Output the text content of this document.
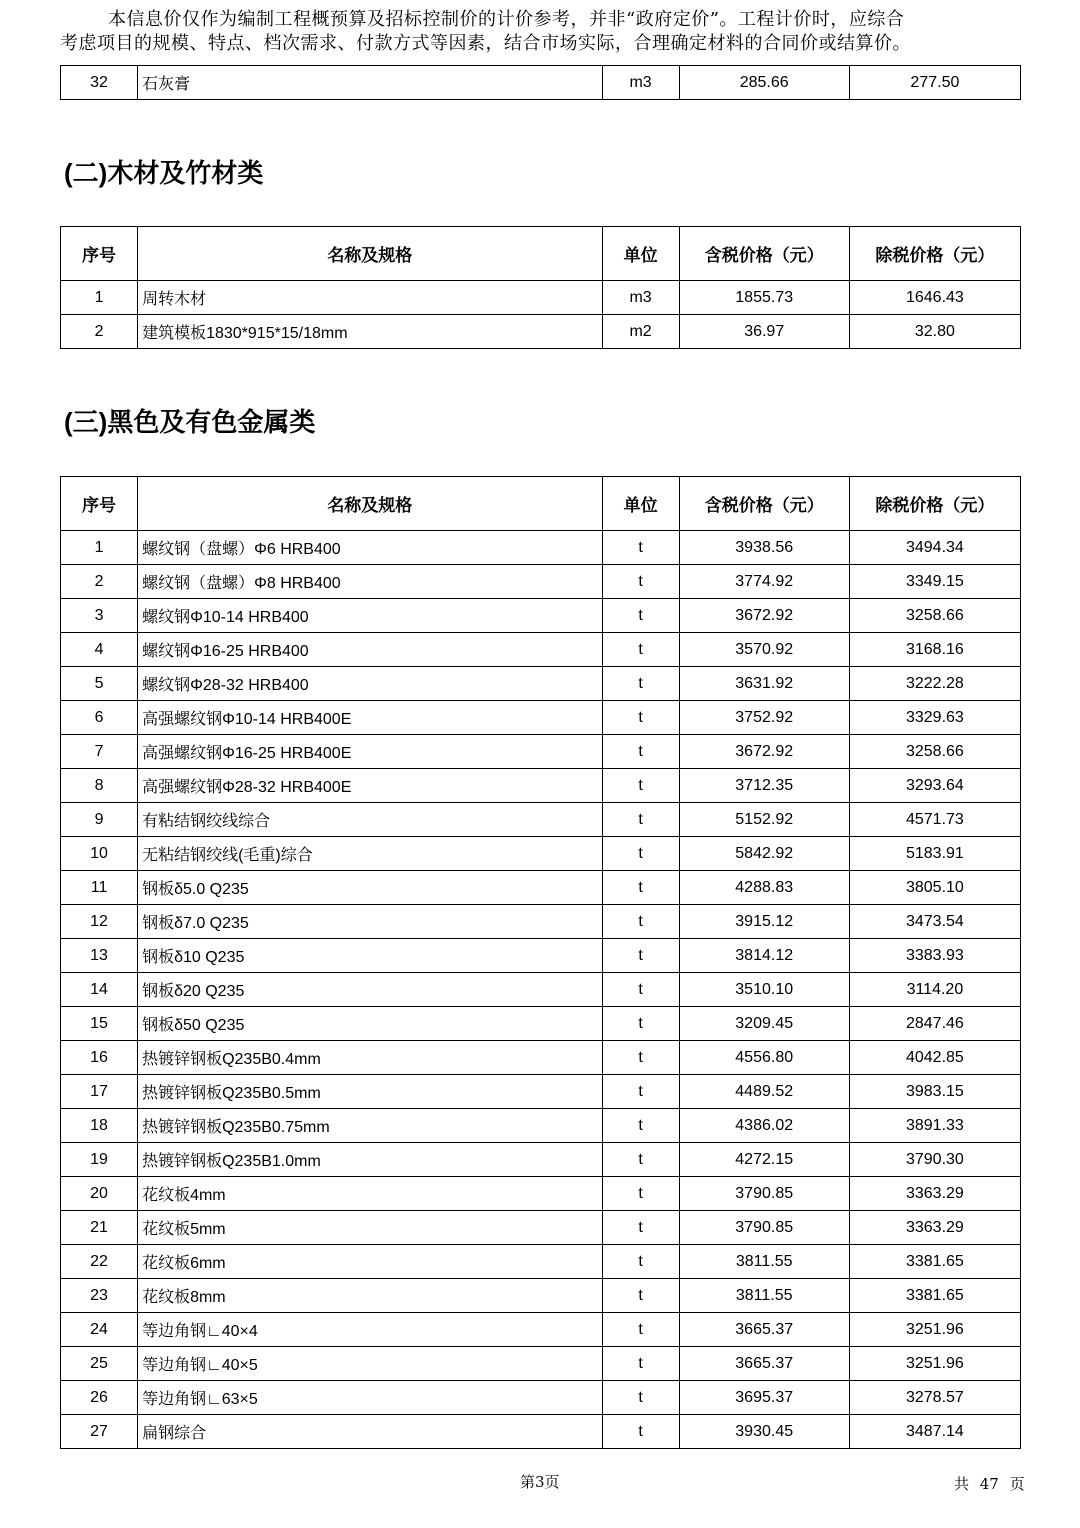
本信息价仅作为编制工程概预算及招标控制价的计价参考，并非“政府定价”。工程计价时，应综合
考虑项目的规模、特点、档次需求、付款方式等因素，结合市场实际，合理确定材料的合同价或结算价。
32	石灰膏	m3	285.66	277.50
(二)木材及竹材类
序号	名称及规格	单位	含税价格（元）	除税价格（元）
1	周转木材	m3	1855.73	1646.43
2	建筑模板1830*915*15/18mm	m2	36.97	32.80
(三)黑色及有色金属类
序号	名称及规格	单位	含税价格（元）	除税价格（元）
1	螺纹钢（盘螺）Φ6 HRB400	t	3938.56	3494.34
2	螺纹钢（盘螺）Φ8 HRB400	t	3774.92	3349.15
3	螺纹钢Φ10-14 HRB400	t	3672.92	3258.66
4	螺纹钢Φ16-25 HRB400	t	3570.92	3168.16
5	螺纹钢Φ28-32 HRB400	t	3631.92	3222.28
6	高强螺纹钢Φ10-14 HRB400E	t	3752.92	3329.63
7	高强螺纹钢Φ16-25 HRB400E	t	3672.92	3258.66
8	高强螺纹钢Φ28-32 HRB400E	t	3712.35	3293.64
9	有粘结钢绞线综合	t	5152.92	4571.73
10	无粘结钢绞线(毛重)综合	t	5842.92	5183.91
11	钢板δ5.0 Q235	t	4288.83	3805.10
12	钢板δ7.0 Q235	t	3915.12	3473.54
13	钢板δ10 Q235	t	3814.12	3383.93
14	钢板δ20 Q235	t	3510.10	3114.20
15	钢板δ50 Q235	t	3209.45	2847.46
16	热镀锌钢板Q235B0.4mm	t	4556.80	4042.85
17	热镀锌钢板Q235B0.5mm	t	4489.52	3983.15
18	热镀锌钢板Q235B0.75mm	t	4386.02	3891.33
19	热镀锌钢板Q235B1.0mm	t	4272.15	3790.30
20	花纹板4mm	t	3790.85	3363.29
21	花纹板5mm	t	3790.85	3363.29
22	花纹板6mm	t	3811.55	3381.65
23	花纹板8mm	t	3811.55	3381.65
24	等边角钢∟40×4	t	3665.37	3251.96
25	等边角钢∟40×5	t	3665.37	3251.96
26	等边角钢∟63×5	t	3695.37	3278.57
27	扁钢综合	t	3930.45	3487.14
第3页	共 47 页
